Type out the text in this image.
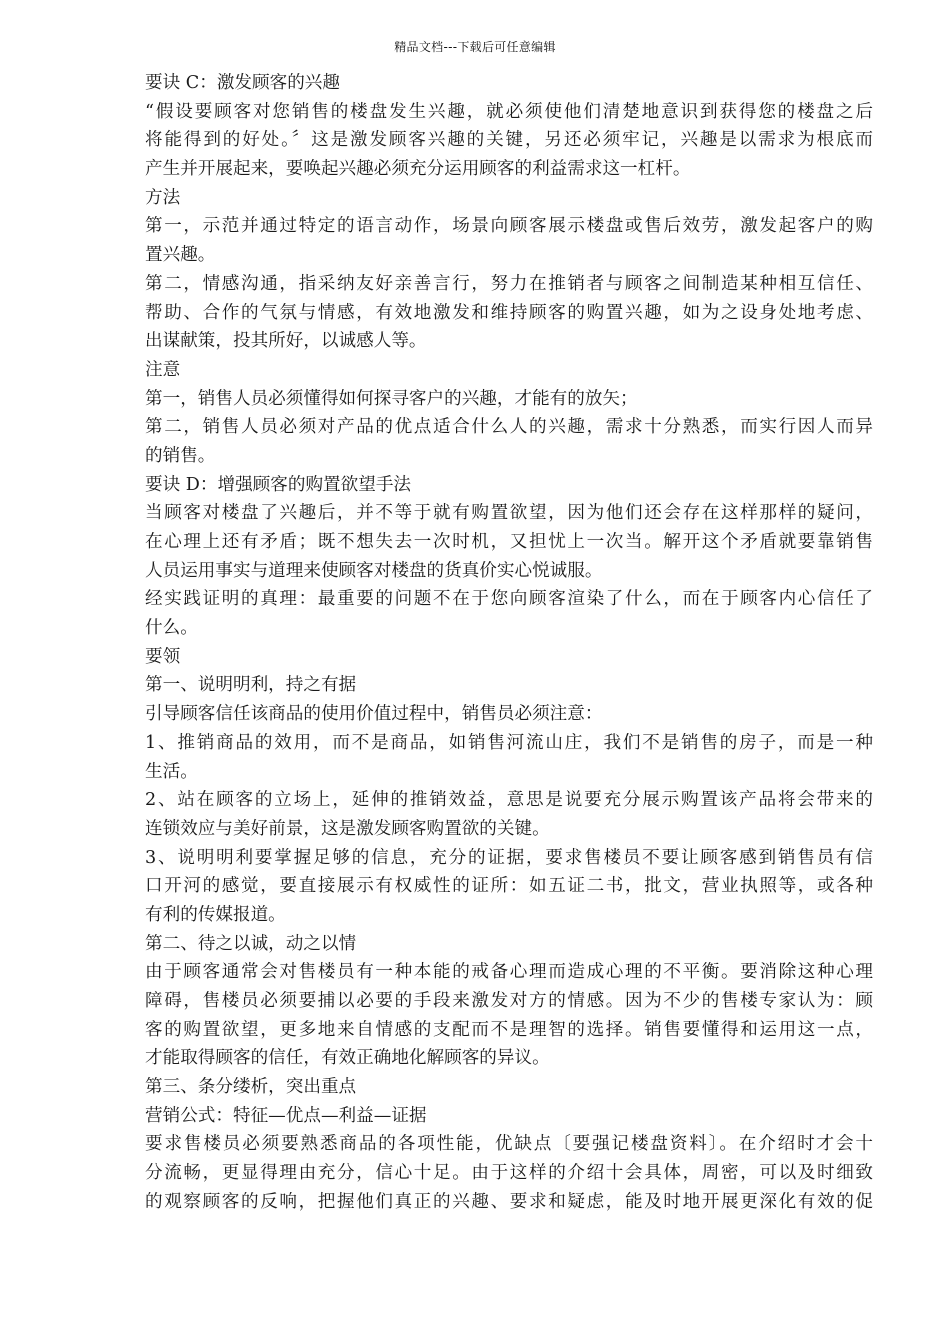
精品文档---下载后可任意编辑
要诀 C：激发顾客的兴趣
“假设要顾客对您销售的楼盘发生兴趣，就必须使他们清楚地意识到获得您的楼盘之后
将能得到的好处。〞这是激发顾客兴趣的关键，另还必须牢记，兴趣是以需求为根底而
产生并开展起来，要唤起兴趣必须充分运用顾客的利益需求这一杠杆。
方法
第一，示范并通过特定的语言动作，场景向顾客展示楼盘或售后效劳，激发起客户的购
置兴趣。
第二，情感沟通，指采纳友好亲善言行，努力在推销者与顾客之间制造某种相互信任、
帮助、合作的气氛与情感，有效地激发和维持顾客的购置兴趣，如为之设身处地考虑、
出谋献策，投其所好，以诚感人等。
注意
第一，销售人员必须懂得如何探寻客户的兴趣，才能有的放矢；
第二，销售人员必须对产品的优点适合什么人的兴趣，需求十分熟悉，而实行因人而异
的销售。
要诀 D：增强顾客的购置欲望手法
当顾客对楼盘了兴趣后，并不等于就有购置欲望，因为他们还会存在这样那样的疑问，
在心理上还有矛盾；既不想失去一次时机，又担忧上一次当。解开这个矛盾就要靠销售
人员运用事实与道理来使顾客对楼盘的货真价实心悦诚服。
经实践证明的真理：最重要的问题不在于您向顾客渲染了什么，而在于顾客内心信任了
什么。
要领
第一、说明明利，持之有据
引导顾客信任该商品的使用价值过程中，销售员必须注意：
1、推销商品的效用，而不是商品，如销售河流山庄，我们不是销售的房子，而是一种
生活。
2、站在顾客的立场上，延伸的推销效益，意思是说要充分展示购置该产品将会带来的
连锁效应与美好前景，这是激发顾客购置欲的关键。
3、说明明利要掌握足够的信息，充分的证据，要求售楼员不要让顾客感到销售员有信
口开河的感觉，要直接展示有权威性的证所：如五证二书，批文，营业执照等，或各种
有利的传媒报道。
第二、待之以诚，动之以情
由于顾客通常会对售楼员有一种本能的戒备心理而造成心理的不平衡。要消除这种心理
障碍，售楼员必须要捕以必要的手段来激发对方的情感。因为不少的售楼专家认为：顾
客的购置欲望，更多地来自情感的支配而不是理智的选择。销售要懂得和运用这一点，
才能取得顾客的信任，有效正确地化解顾客的异议。
第三、条分缕析，突出重点
营销公式：特征—优点—利益—证据
要求售楼员必须要熟悉商品的各项性能，优缺点〔要强记楼盘资料〕。在介绍时才会十
分流畅，更显得理由充分，信心十足。由于这样的介绍十会具体，周密，可以及时细致
的观察顾客的反响，把握他们真正的兴趣、要求和疑虑，能及时地开展更深化有效的促
